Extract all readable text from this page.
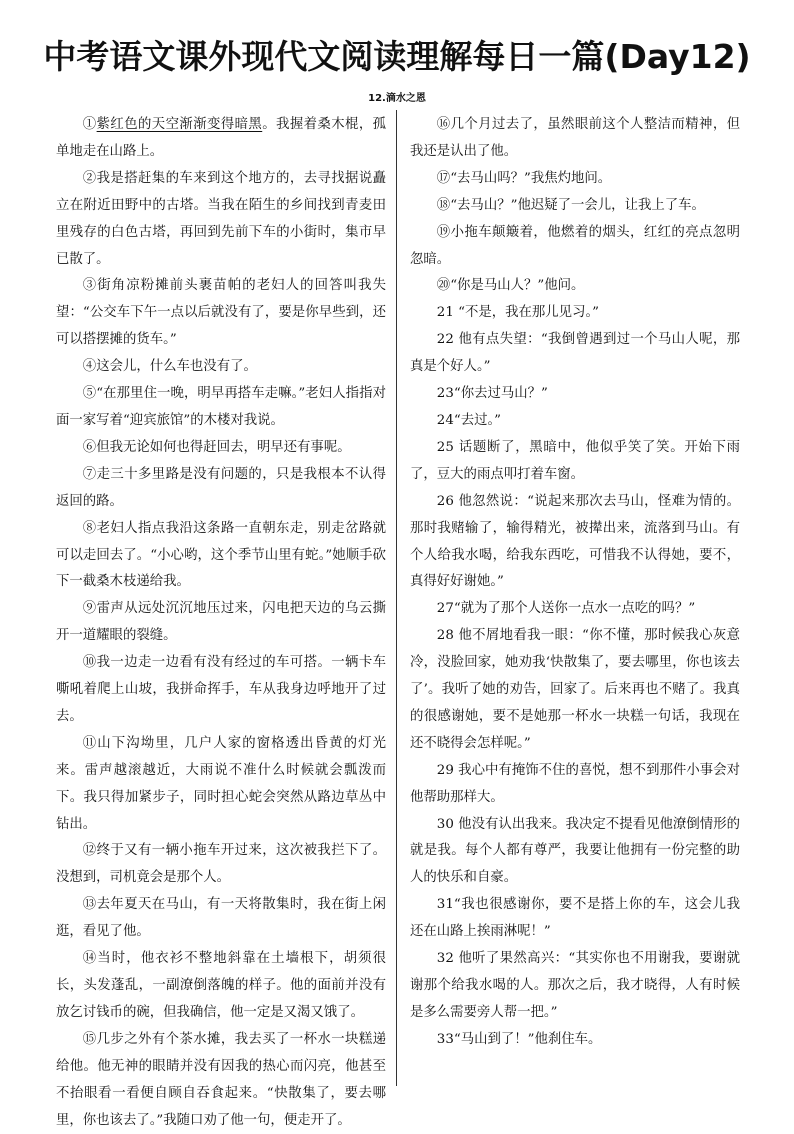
中考语文课外现代文阅读理解每日一篇(Day12)
12.滴水之恩

①紫红色的天空渐渐变得暗黑。我握着桑木棍，孤单地走在山路上。

②我是搭赶集的车来到这个地方的，去寻找据说矗立在附近田野中的古塔。当我在陌生的乡间找到青麦田里残存的白色古塔，再回到先前下车的小街时，集市早已散了。

③街角凉粉摊前头裹苗帕的老妇人的回答叫我失望：“公交车下午一点以后就没有了，要是你早些到，还可以搭摆摊的货车。”

④这会儿，什么车也没有了。

⑤“在那里住一晚，明早再搭车走嘛。”老妇人指指对面一家写着“迎宾旅馆”的木楼对我说。

⑥但我无论如何也得赶回去，明早还有事呢。

⑦走三十多里路是没有问题的，只是我根本不认得返回的路。

⑧老妇人指点我沿这条路一直朝东走，别走岔路就可以走回去了。“小心哟，这个季节山里有蛇。”她顺手砍下一截桑木枝递给我。

⑨雷声从远处沉沉地压过来，闪电把天边的乌云撕开一道耀眼的裂缝。

⑩我一边走一边看有没有经过的车可搭。一辆卡车嘶吼着爬上山坡，我拼命挥手，车从我身边呼地开了过去。

⑪山下沟坳里，几户人家的窗格透出昏黄的灯光来。雷声越滚越近，大雨说不准什么时候就会瓢泼而下。我只得加紧步子，同时担心蛇会突然从路边草丛中钻出。

⑫终于又有一辆小拖车开过来，这次被我拦下了。没想到，司机竟会是那个人。

⑬去年夏天在马山，有一天将散集时，我在街上闲逛，看见了他。

⑭当时，他衣衫不整地斜靠在土墙根下，胡须很长，头发蓬乱，一副潦倒落魄的样子。他的面前并没有放乞讨钱币的碗，但我确信，他一定是又渴又饿了。

⑮几步之外有个茶水摊，我去买了一杯水一块糕递给他。他无神的眼睛并没有因我的热心而闪亮，他甚至不抬眼看一看便自顾自吞食起来。“快散集了，要去哪里，你也该去了。”我随口劝了他一句，便走开了。

⑯几个月过去了，虽然眼前这个人整洁而精神，但我还是认出了他。

⑰“去马山吗？”我焦灼地问。

⑱“去马山？”他迟疑了一会儿，让我上了车。

⑲小拖车颠簸着，他燃着的烟头，红红的亮点忽明忽暗。

⑳“你是马山人？”他问。

21 “不是，我在那儿见习。”

22 他有点失望：“我倒曾遇到过一个马山人呢，那真是个好人。”

23“你去过马山？”

24“去过。”

25 话题断了，黑暗中，他似乎笑了笑。开始下雨了，豆大的雨点叩打着车窗。

26 他忽然说：“说起来那次去马山，怪难为情的。那时我赌输了，输得精光，被撵出来，流落到马山。有个人给我水喝，给我东西吃，可惜我不认得她，要不，真得好好谢她。”

27“就为了那个人送你一点水一点吃的吗？”

28 他不屑地看我一眼：“你不懂，那时候我心灰意冷，没脸回家，她劝我‘快散集了，要去哪里，你也该去了’。我听了她的劝告，回家了。后来再也不赌了。我真的很感谢她，要不是她那一杯水一块糕一句话，我现在还不晓得会怎样呢。”

29 我心中有掩饰不住的喜悦，想不到那件小事会对他帮助那样大。

30 他没有认出我来。我决定不提看见他潦倒情形的就是我。每个人都有尊严，我要让他拥有一份完整的助人的快乐和自豪。

31“我也很感谢你，要不是搭上你的车，这会儿我还在山路上挨雨淋呢！”

32 他听了果然高兴：“其实你也不用谢我，要谢就谢那个给我水喝的人。那次之后，我才晓得，人有时候是多么需要旁人帮一把。”

33“马山到了！”他刹住车。
